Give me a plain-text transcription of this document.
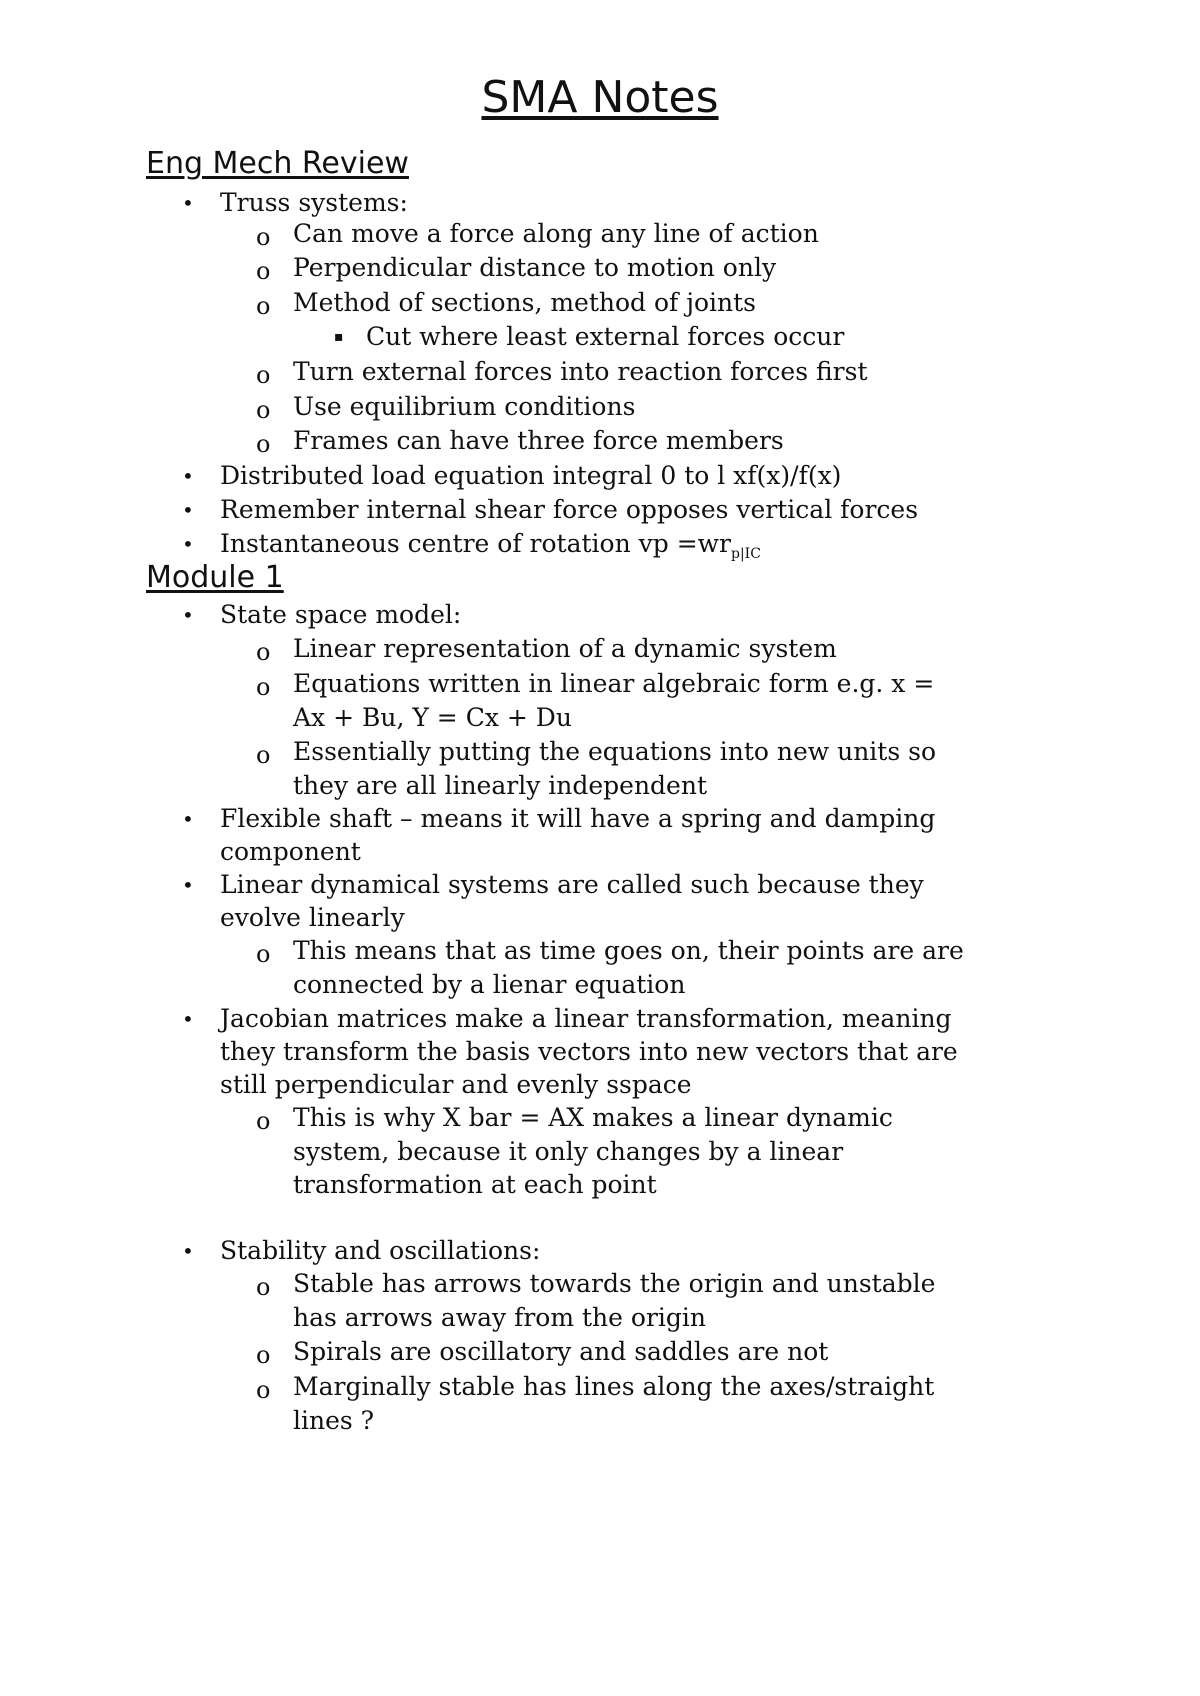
SMA Notes
Eng Mech Review
• Truss systems:
o Can move a force along any line of action
o Perpendicular distance to motion only
o Method of sections, method of joints
▪ Cut where least external forces occur
o Turn external forces into reaction forces first
o Use equilibrium conditions
o Frames can have three force members
• Distributed load equation integral 0 to l xf(x)/f(x)
• Remember internal shear force opposes vertical forces
• Instantaneous centre of rotation vp $=wr_{p|IC}$
Module 1
• State space model:
o Linear representation of a dynamic system
o Equations written in linear algebraic form e.g. x =
Ax + Bu, Y = Cx + Du
o Essentially putting the equations into new units so
they are all linearly independent
• Flexible shaft – means it will have a spring and damping
component
• Linear dynamical systems are called such because they
evolve linearly
o This means that as time goes on, their points are are
connected by a lienar equation
• Jacobian matrices make a linear transformation, meaning
they transform the basis vectors into new vectors that are
still perpendicular and evenly sspace
o This is why X bar = AX makes a linear dynamic
system, because it only changes by a linear
transformation at each point
• Stability and oscillations:
o Stable has arrows towards the origin and unstable
has arrows away from the origin
o Spirals are oscillatory and saddles are not
o Marginally stable has lines along the axes/straight
lines ?
